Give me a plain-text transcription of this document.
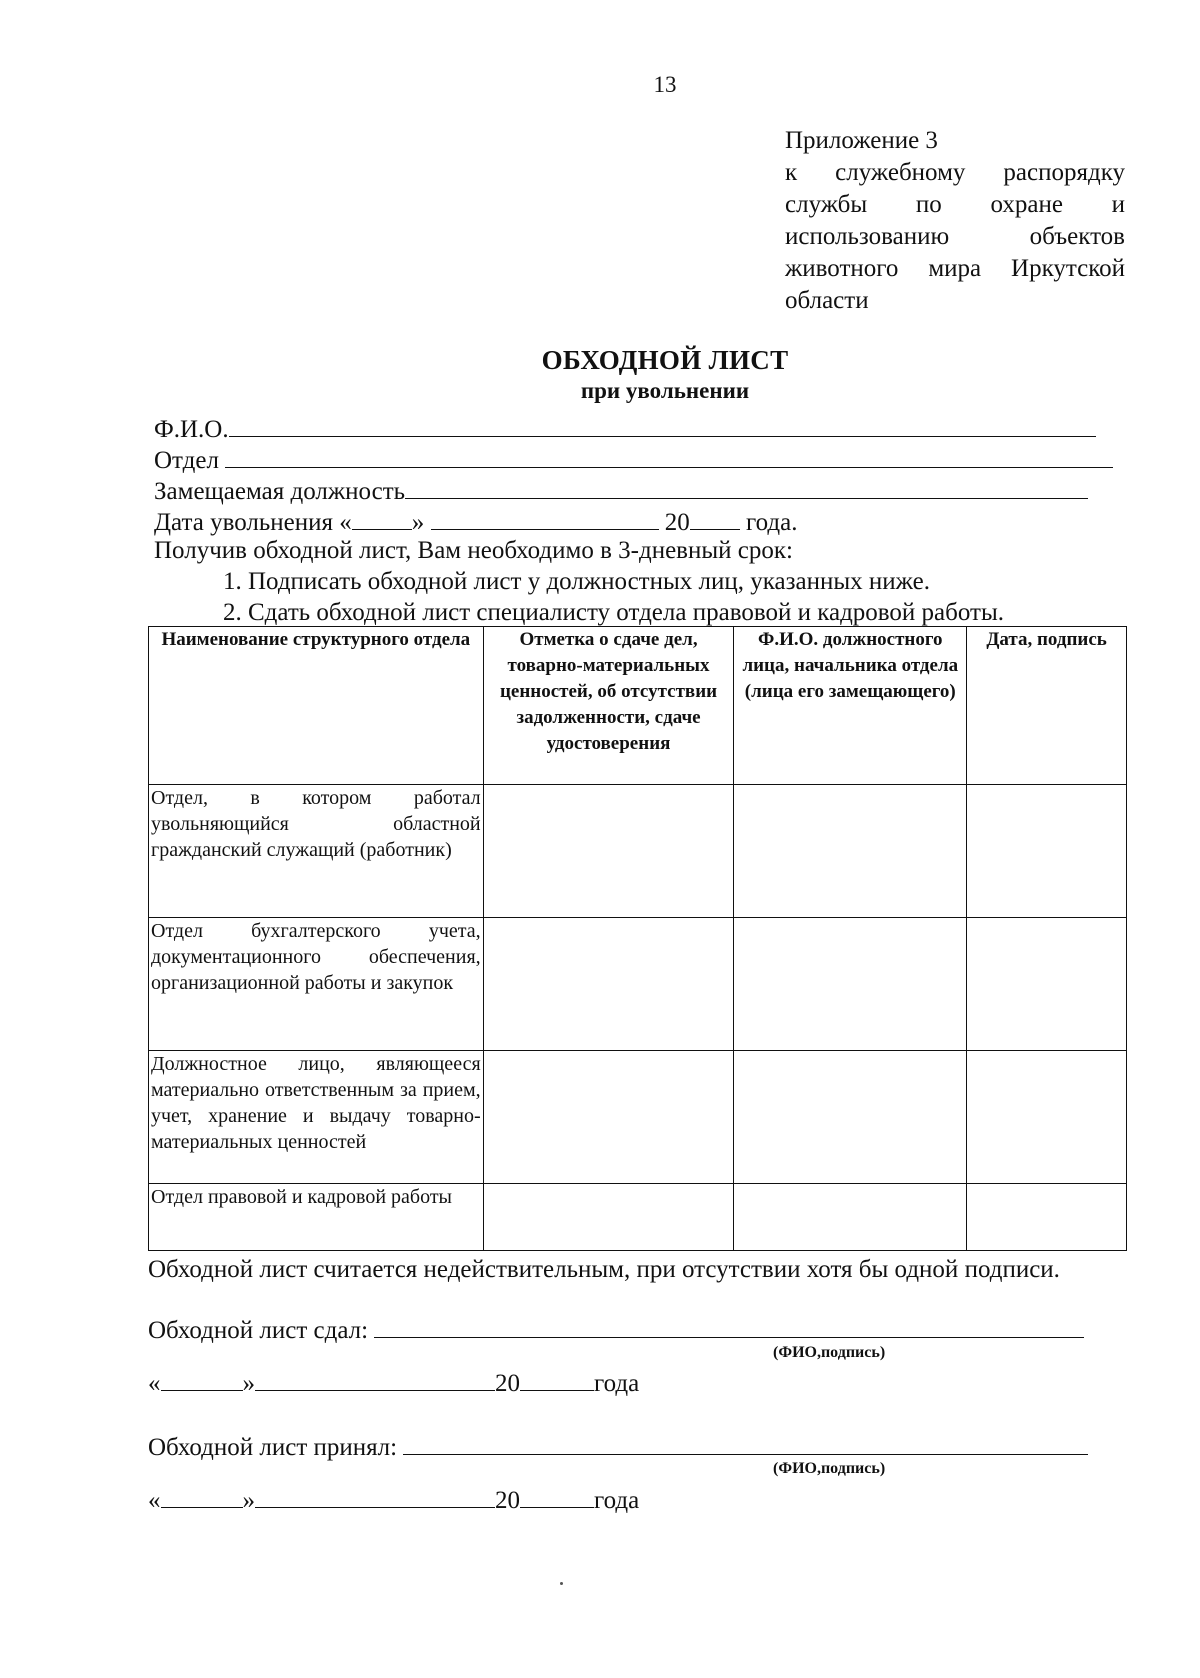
13
Приложение 3
к служебному распорядку
службы по охране и
использованию объектов
животного мира Иркутской
области
ОБХОДНОЙ ЛИСТ
при увольнении
Ф.И.О.
Отдел
Замещаемая должность
Дата увольнения « »	20 года.
Получив обходной лист, Вам необходимо в 3-дневный срок:
1. Подписать обходной лист у должностных лиц, указанных ниже.
2. Сдать обходной лист специалисту отдела правовой и кадровой работы.
Наименование структурного отдела	Отметка о сдаче дел, товарно-материальных ценностей, об отсутствии задолженности, сдаче удостоверения	Ф.И.О. должностного лица, начальника отдела (лица его замещающего)	Дата, подпись
Отдел, в котором работал увольняющийся областной гражданский служащий (работник)			
Отдел бухгалтерского учета, документационного обеспечения, организационной работы и закупок			
Должностное лицо, являющееся материально ответственным за прием, учет, хранение и выдачу товарно-материальных ценностей			
Отдел правовой и кадровой работы			
Обходной лист считается недействительным, при отсутствии хотя бы одной подписи.
Обходной лист сдал:
(ФИО,подпись)
«	»	20	года
Обходной лист принял:
(ФИО,подпись)
«	»	20	года
